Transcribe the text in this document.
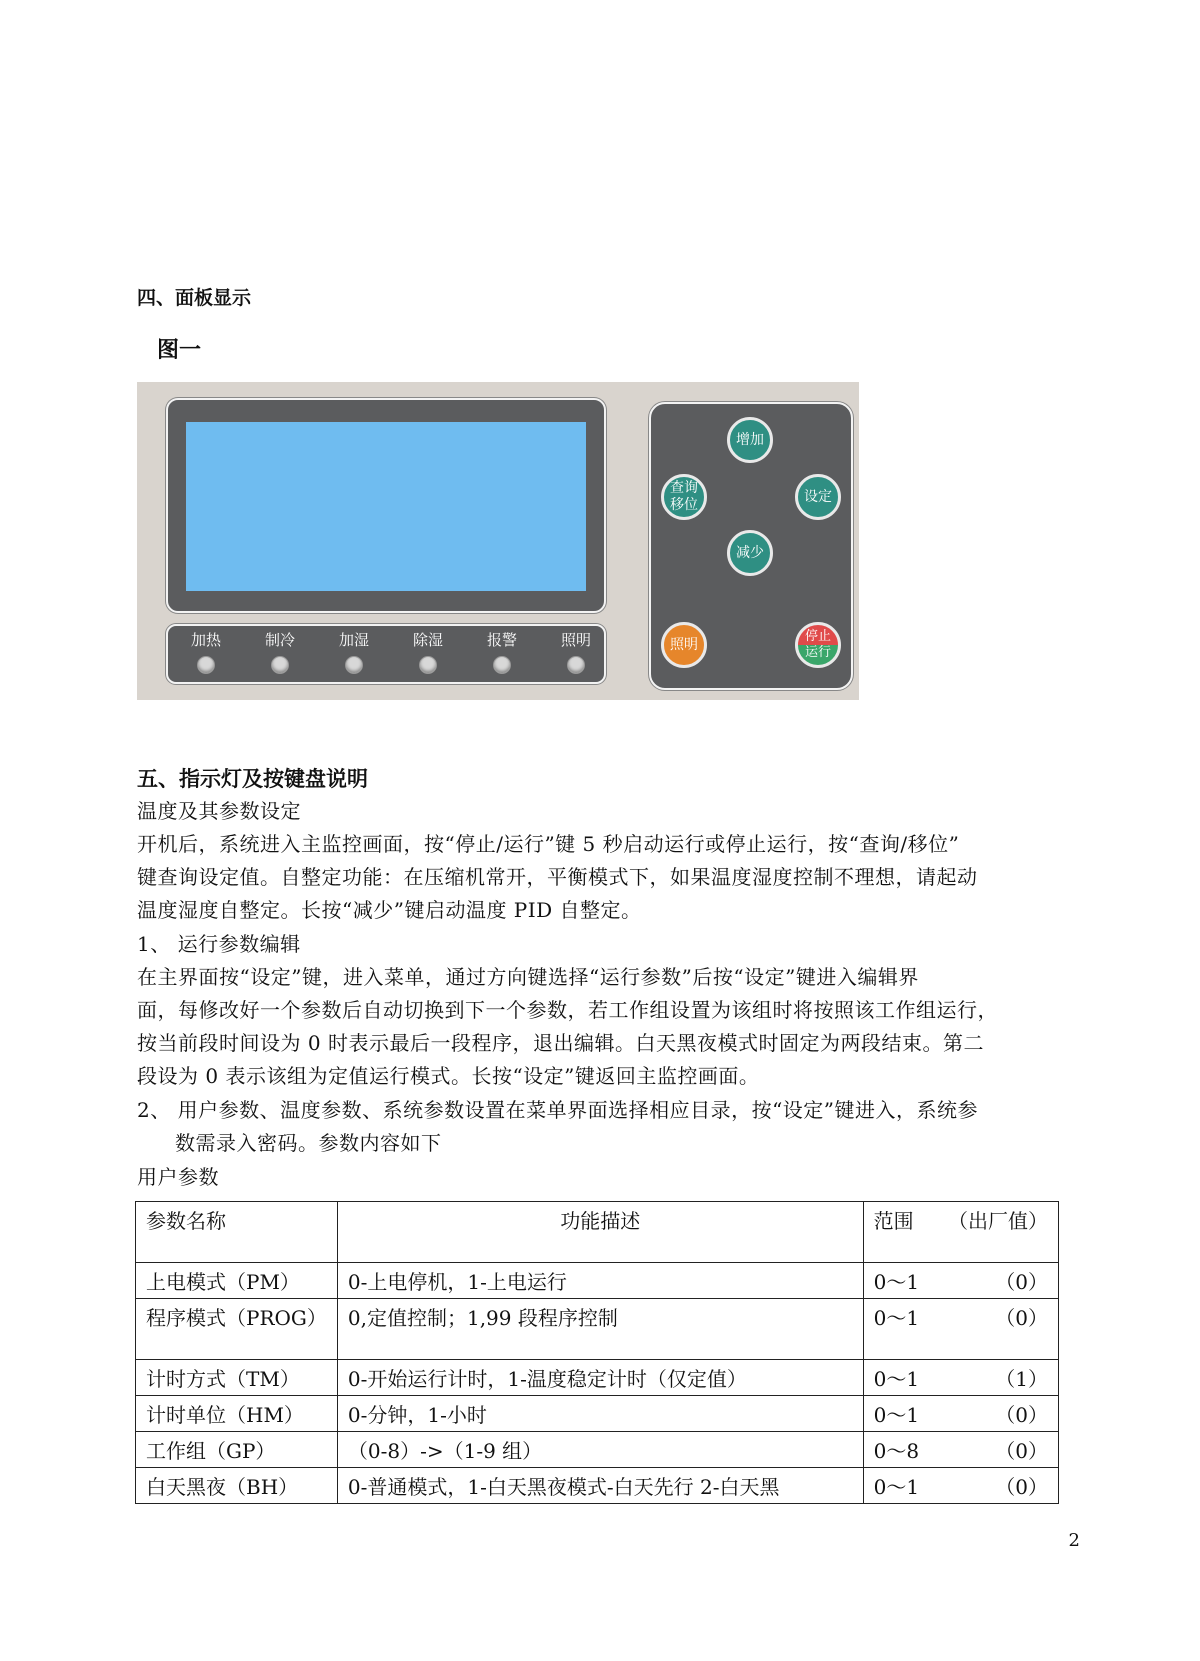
四、面板显示
图一
加热	制冷	加湿	除湿	报警	照明
增加
查询
移位
设定
减少
照明	停止
运行
五、指示灯及按键盘说明
温度及其参数设定
开机后，系统进入主监控画面，按“停止/运行”键 5 秒启动运行或停止运行，按“查询/移位”
键查询设定值。自整定功能：在压缩机常开，平衡模式下，如果温度湿度控制不理想，请起动
温度湿度自整定。长按“减少”键启动温度 PID 自整定。
1、 运行参数编辑
在主界面按“设定”键，进入菜单，通过方向键选择“运行参数”后按“设定”键进入编辑界
面，每修改好一个参数后自动切换到下一个参数，若工作组设置为该组时将按照该工作组运行，
按当前段时间设为 0 时表示最后一段程序，退出编辑。白天黑夜模式时固定为两段结束。第二
段设为 0 表示该组为定值运行模式。长按“设定”键返回主监控画面。
2、 用户参数、温度参数、系统参数设置在菜单界面选择相应目录，按“设定”键进入，系统参
数需录入密码。参数内容如下
用户参数
参数名称	功能描述	范围 （出厂值）

上电模式（PM）	0-上电停机，1-上电运行	0～1 （0）

程序模式（PROG）	0,定值控制；1,99 段程序控制	0～1 （0）

计时方式（TM）	0-开始运行计时，1-温度稳定计时（仅定值）	0～1 （1）

计时单位（HM）	0-分钟，1-小时	0～1 （0）

工作组（GP）	（0-8）->（1-9 组）	0～8 （0）

白天黑夜（BH）	0-普通模式，1-白天黑夜模式-白天先行 2-白天黑	0～1 （0）
2
